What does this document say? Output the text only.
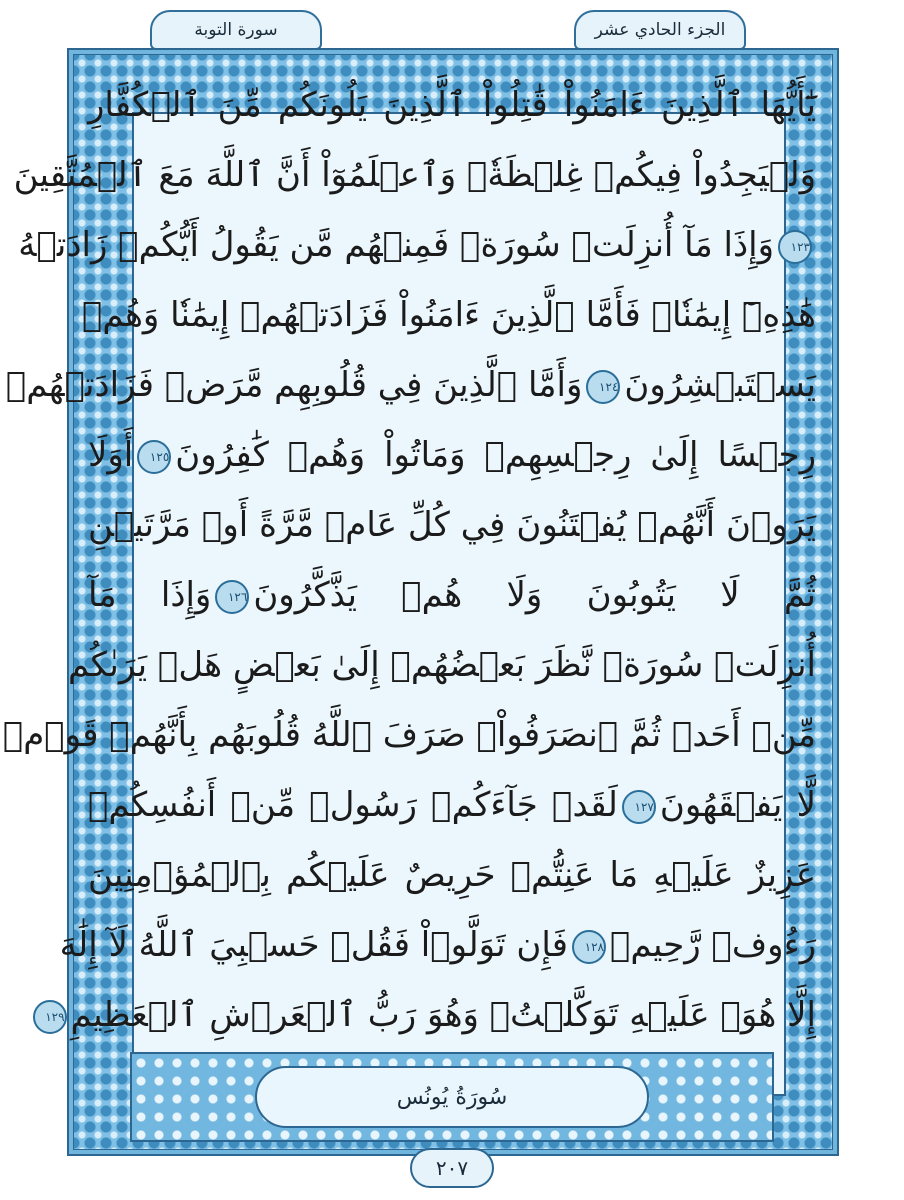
الجزء الحادي عشر
سورة التوبة
يَٰٓأَيُّهَا ٱلَّذِينَ ءَامَنُواْ قَٰتِلُواْ ٱلَّذِينَ يَلُونَكُم مِّنَ ٱلۡكُفَّارِ
وَلۡيَجِدُواْ فِيكُمۡ غِلۡظَةٗۚ وَٱعۡلَمُوٓاْ أَنَّ ٱللَّهَ مَعَ ٱلۡمُتَّقِينَ
١٢٣وَإِذَا مَآ أُنزِلَتۡ سُورَةٞ فَمِنۡهُم مَّن يَقُولُ أَيُّكُمۡ زَادَتۡهُ
هَٰذِهِۦٓ إِيمَٰنٗاۚ فَأَمَّا ٱلَّذِينَ ءَامَنُواْ فَزَادَتۡهُمۡ إِيمَٰنٗا وَهُمۡ
يَسۡتَبۡشِرُونَ١٢٤وَأَمَّا ٱلَّذِينَ فِي قُلُوبِهِم مَّرَضٞ فَزَادَتۡهُمۡ
رِجۡسًا إِلَىٰ رِجۡسِهِمۡ وَمَاتُواْ وَهُمۡ كَٰفِرُونَ١٢٥أَوَلَا
يَرَوۡنَ أَنَّهُمۡ يُفۡتَنُونَ فِي كُلِّ عَامٖ مَّرَّةً أَوۡ مَرَّتَيۡنِ
ثُمَّ لَا يَتُوبُونَ وَلَا هُمۡ يَذَّكَّرُونَ١٢٦وَإِذَا مَآ
أُنزِلَتۡ سُورَةٞ نَّظَرَ بَعۡضُهُمۡ إِلَىٰ بَعۡضٍ هَلۡ يَرَىٰكُم
مِّنۡ أَحَدٖ ثُمَّ ٱنصَرَفُواْۚ صَرَفَ ٱللَّهُ قُلُوبَهُم بِأَنَّهُمۡ قَوۡمٞ
لَّا يَفۡقَهُونَ١٢٧لَقَدۡ جَآءَكُمۡ رَسُولٞ مِّنۡ أَنفُسِكُمۡ
عَزِيزٌ عَلَيۡهِ مَا عَنِتُّمۡ حَرِيصٌ عَلَيۡكُم بِٱلۡمُؤۡمِنِينَ
رَءُوفٞ رَّحِيمٞ١٢٨فَإِن تَوَلَّوۡاْ فَقُلۡ حَسۡبِيَ ٱللَّهُ لَآ إِلَٰهَ
إِلَّا هُوَۖ عَلَيۡهِ تَوَكَّلۡتُۖ وَهُوَ رَبُّ ٱلۡعَرۡشِ ٱلۡعَظِيمِ١٢٩
سُورَةُ يُونُس
٢٠٧
